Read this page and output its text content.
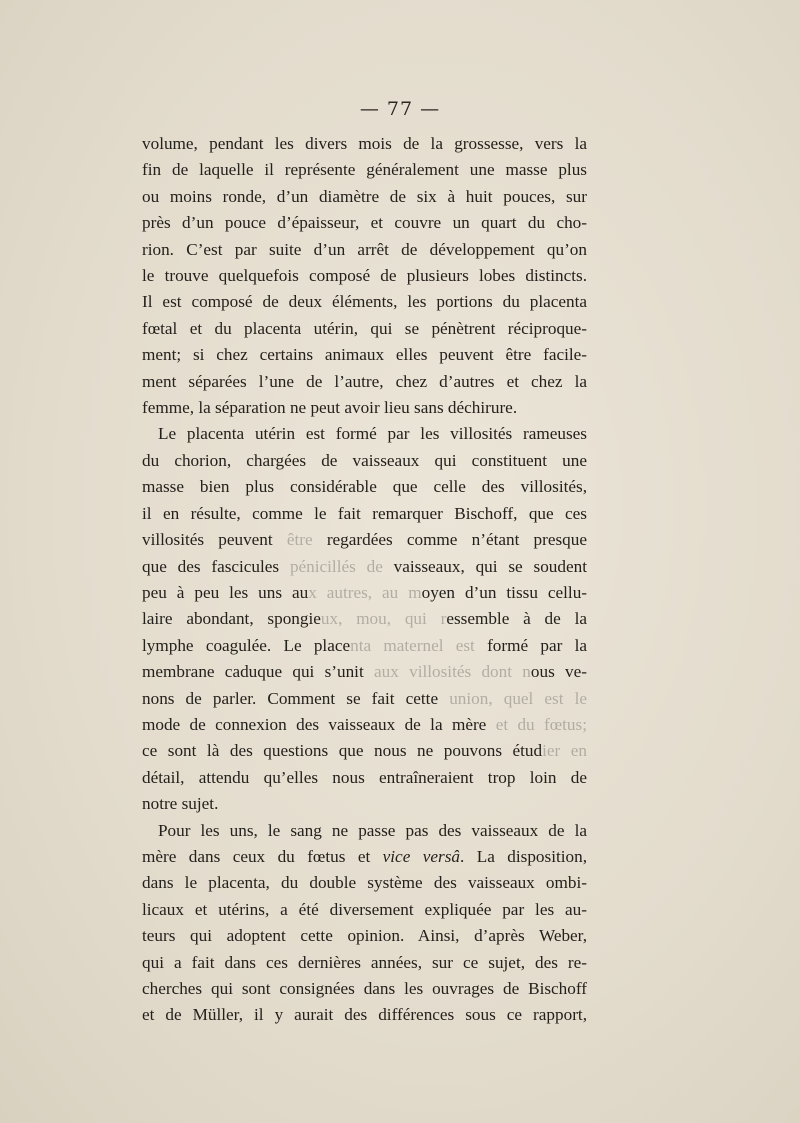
— 77 —
volume, pendant les divers mois de la grossesse, vers la
fin de laquelle il représente généralement une masse plus
ou moins ronde, d’un diamètre de six à huit pouces, sur
près d’un pouce d’épaisseur, et couvre un quart du cho-
rion. C’est par suite d’un arrêt de développement qu’on
le trouve quelquefois composé de plusieurs lobes distincts.
Il est composé de deux éléments, les portions du placenta
fœtal et du placenta utérin, qui se pénètrent réciproque-
ment; si chez certains animaux elles peuvent être facile-
ment séparées l’une de l’autre, chez d’autres et chez la
femme, la séparation ne peut avoir lieu sans déchirure.
Le placenta utérin est formé par les villosités rameuses
du chorion, chargées de vaisseaux qui constituent une
masse bien plus considérable que celle des villosités,
il en résulte, comme le fait remarquer Bischoff, que ces
villosités peuvent être regardées comme n’étant presque
que des fascicules pénicillés de vaisseaux, qui se soudent
peu à peu les uns aux autres, au moyen d’un tissu cellu-
laire abondant, spongieux, mou, qui ressemble à de la
lymphe coagulée. Le placenta maternel est formé par la
membrane caduque qui s’unit aux villosités dont nous ve-
nons de parler. Comment se fait cette union, quel est le
mode de connexion des vaisseaux de la mère et du fœtus;
ce sont là des questions que nous ne pouvons étudier en
détail, attendu qu’elles nous entraîneraient trop loin de
notre sujet.
Pour les uns, le sang ne passe pas des vaisseaux de la
mère dans ceux du fœtus et vice versâ. La disposition,
dans le placenta, du double système des vaisseaux ombi-
licaux et utérins, a été diversement expliquée par les au-
teurs qui adoptent cette opinion. Ainsi, d’après Weber,
qui a fait dans ces dernières années, sur ce sujet, des re-
cherches qui sont consignées dans les ouvrages de Bischoff
et de Müller, il y aurait des différences sous ce rapport,
